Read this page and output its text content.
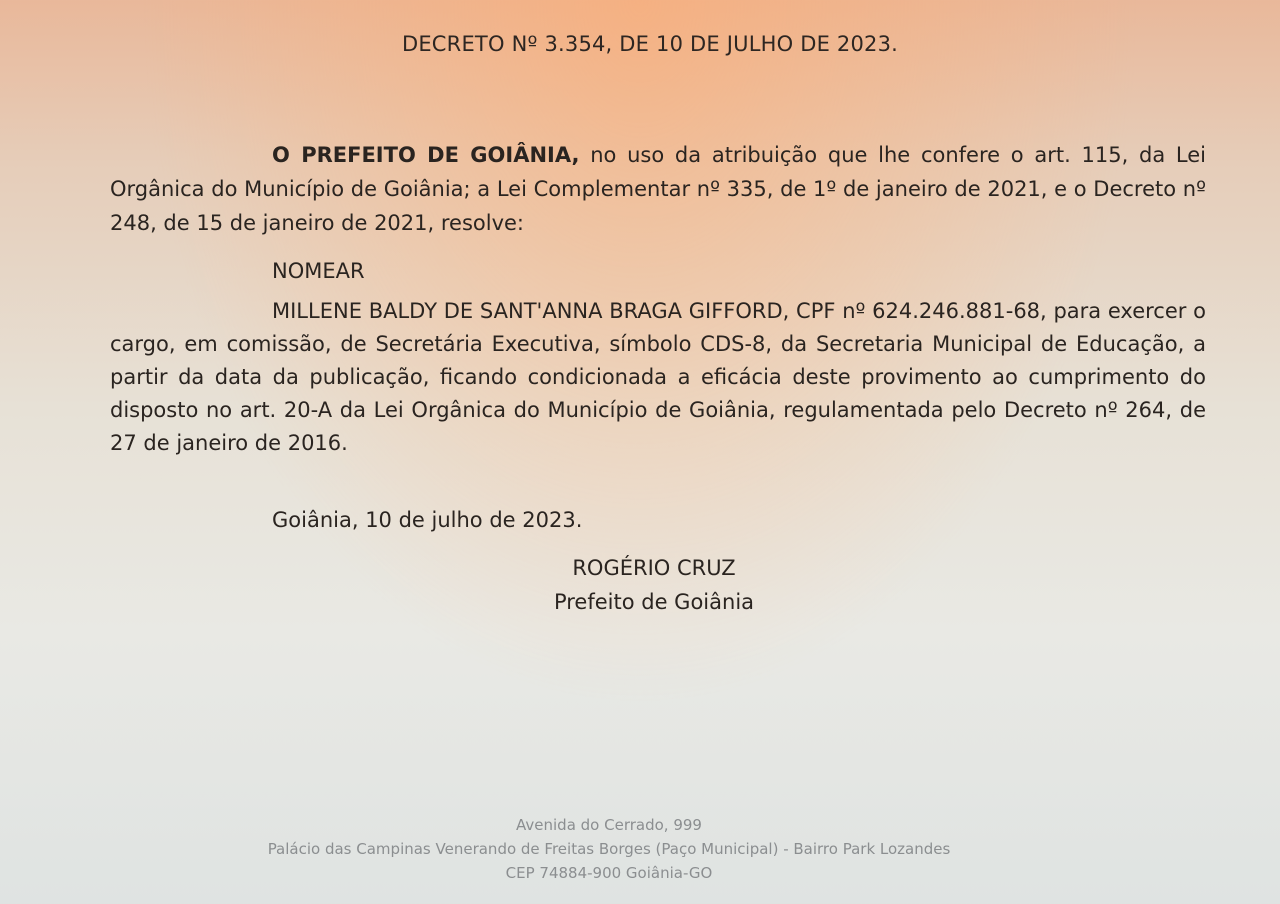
DECRETO Nº 3.354, DE 10 DE JULHO DE 2023.

O PREFEITO DE GOIÂNIA, no uso da atribuição que lhe confere o art. 115, da Lei Orgânica do Município de Goiânia; a Lei Complementar nº 335, de 1º de janeiro de 2021, e o Decreto nº 248, de 15 de janeiro de 2021, resolve:

NOMEAR

MILLENE BALDY DE SANT'ANNA BRAGA GIFFORD, CPF nº 624.246.881-68, para exercer o cargo, em comissão, de Secretária Executiva, símbolo CDS-8, da Secretaria Municipal de Educação, a partir da data da publicação, ficando condicionada a eficácia deste provimento ao cumprimento do disposto no art. 20-A da Lei Orgânica do Município de Goiânia, regulamentada pelo Decreto nº 264, de 27 de janeiro de 2016.

Goiânia, 10 de julho de 2023.
ROGÉRIO CRUZ
Prefeito de Goiânia
Avenida do Cerrado, 999
Palácio das Campinas Venerando de Freitas Borges (Paço Municipal) - Bairro Park Lozandes
CEP 74884-900 Goiânia-GO
